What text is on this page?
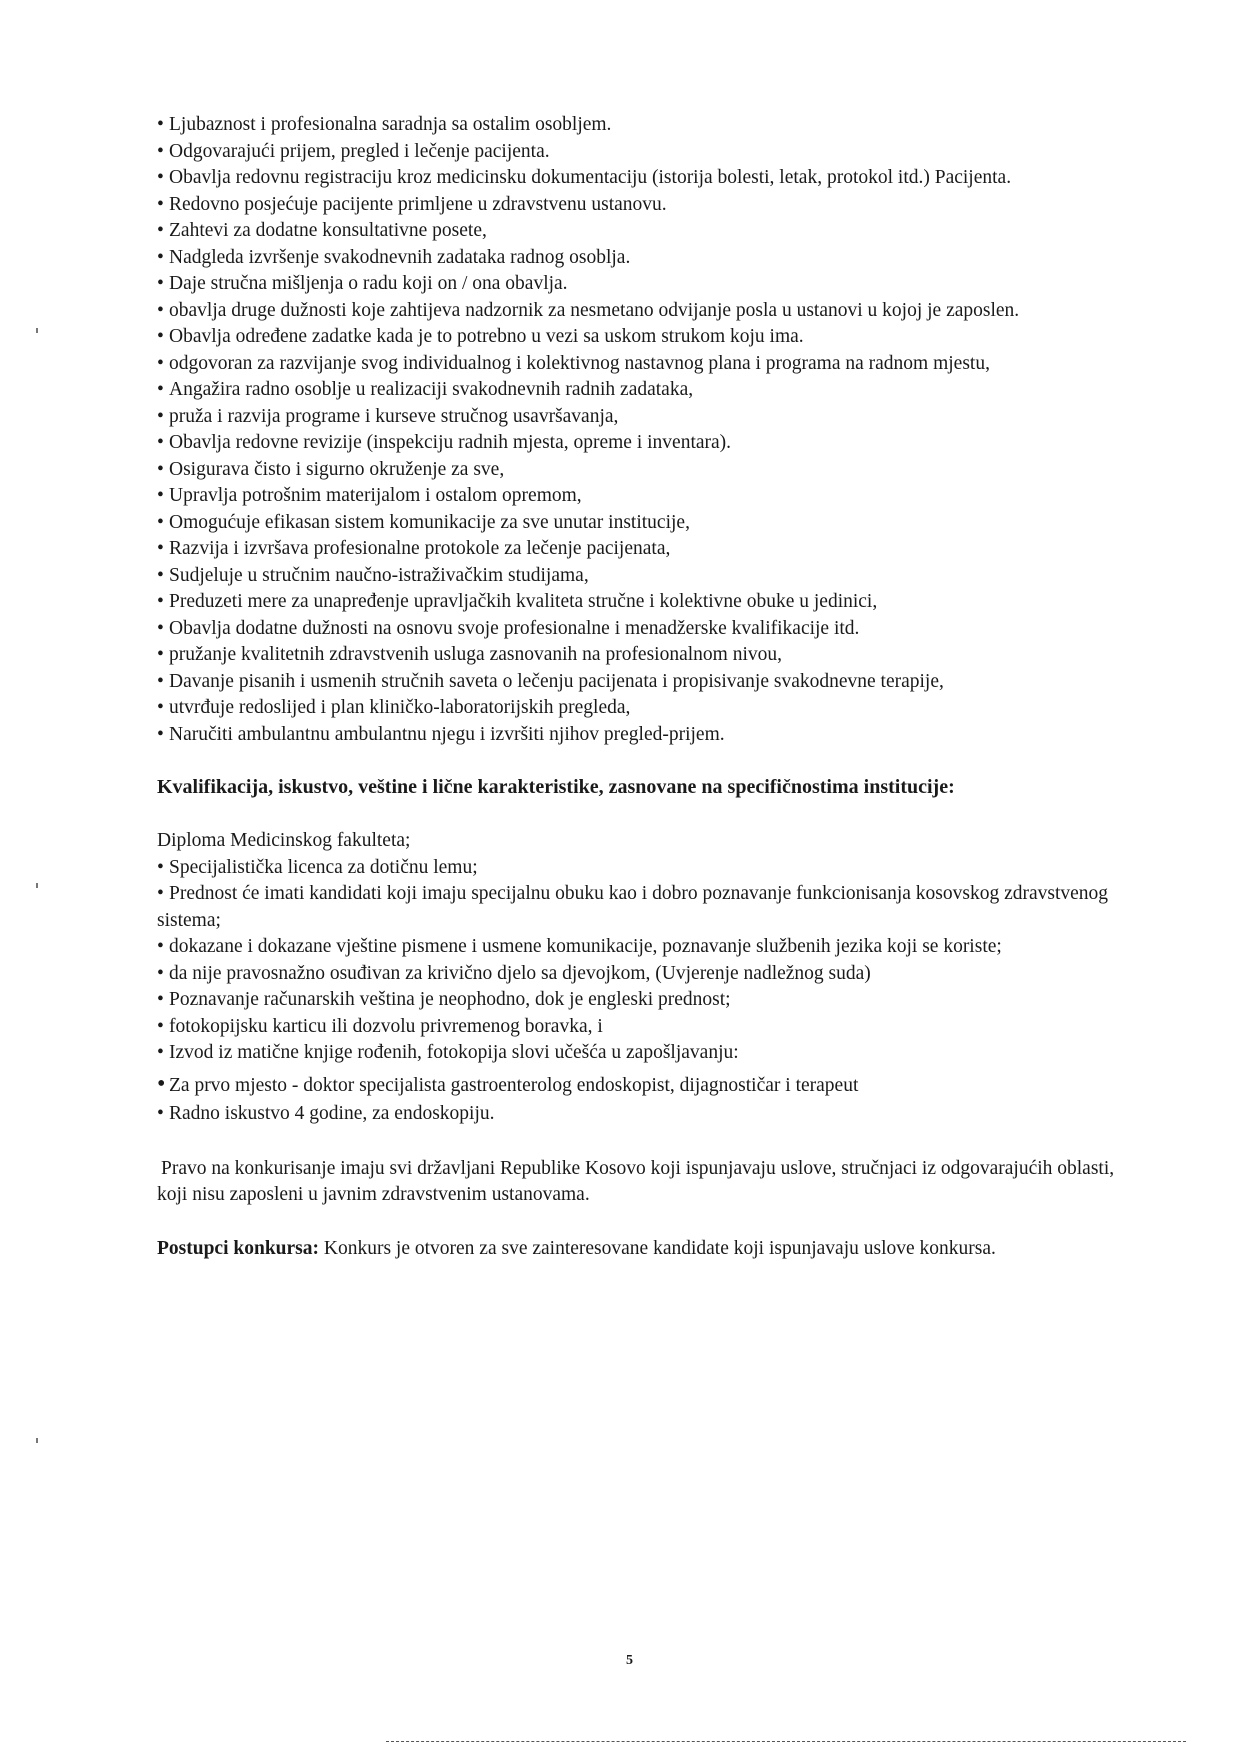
• Ljubaznost i profesionalna saradnja sa ostalim osobljem.

• Odgovarajući prijem, pregled i lečenje pacijenta.

• Obavlja redovnu registraciju kroz medicinsku dokumentaciju (istorija bolesti, letak, protokol itd.) Pacijenta.

• Redovno posjećuje pacijente primljene u zdravstvenu ustanovu.

• Zahtevi za dodatne konsultativne posete,

• Nadgleda izvršenje svakodnevnih zadataka radnog osoblja.

• Daje stručna mišljenja o radu koji on / ona obavlja.

• obavlja druge dužnosti koje zahtijeva nadzornik za nesmetano odvijanje posla u ustanovi u kojoj je zaposlen.

• Obavlja određene zadatke kada je to potrebno u vezi sa uskom strukom koju ima.

• odgovoran za razvijanje svog individualnog i kolektivnog nastavnog plana i programa na radnom mjestu,

• Angažira radno osoblje u realizaciji svakodnevnih radnih zadataka,

• pruža i razvija programe i kurseve stručnog usavršavanja,

• Obavlja redovne revizije (inspekciju radnih mjesta, opreme i inventara).

• Osigurava čisto i sigurno okruženje za sve,

• Upravlja potrošnim materijalom i ostalom opremom,

• Omogućuje efikasan sistem komunikacije za sve unutar institucije,

• Razvija i izvršava profesionalne protokole za lečenje pacijenata,

• Sudjeluje u stručnim naučno-istraživačkim studijama,

• Preduzeti mere za unapređenje upravljačkih kvaliteta stručne i kolektivne obuke u jedinici,

• Obavlja dodatne dužnosti na osnovu svoje profesionalne i menadžerske kvalifikacije itd.

• pružanje kvalitetnih zdravstvenih usluga zasnovanih na profesionalnom nivou,

• Davanje pisanih i usmenih stručnih saveta o lečenju pacijenata i propisivanje svakodnevne terapije,

• utvrđuje redoslijed i plan kliničko-laboratorijskih pregleda,

• Naručiti ambulantnu ambulantnu njegu i izvršiti njihov pregled-prijem.

Kvalifikacija, iskustvo, veštine i lične karakteristike, zasnovane na specifičnostima institucije:

Diploma Medicinskog fakulteta;

• Specijalistička licenca za dotičnu lemu;

• Prednost će imati kandidati koji imaju specijalnu obuku kao i dobro poznavanje funkcionisanja kosovskog zdravstvenog sistema;

• dokazane i dokazane vještine pismene i usmene komunikacije, poznavanje službenih jezika koji se koriste;

• da nije pravosnažno osuđivan za krivično djelo sa djevojkom, (Uvjerenje nadležnog suda)

• Poznavanje računarskih veština je neophodno, dok je engleski prednost;

• fotokopijsku karticu ili dozvolu privremenog boravka, i

• Izvod iz matične knjige rođenih, fotokopija slovi učešća u zapošljavanju:

• Za prvo mjesto - doktor specijalista gastroenterolog endoskopist, dijagnostičar i terapeut

• Radno iskustvo 4 godine, za endoskopiju.

Pravo na konkurisanje imaju svi državljani Republike Kosovo koji ispunjavaju uslove, stručnjaci iz odgovarajućih oblasti, koji nisu zaposleni u javnim zdravstvenim ustanovama.

Postupci konkursa: Konkurs je otvoren za sve zainteresovane kandidate koji ispunjavaju uslove konkursa.

5
